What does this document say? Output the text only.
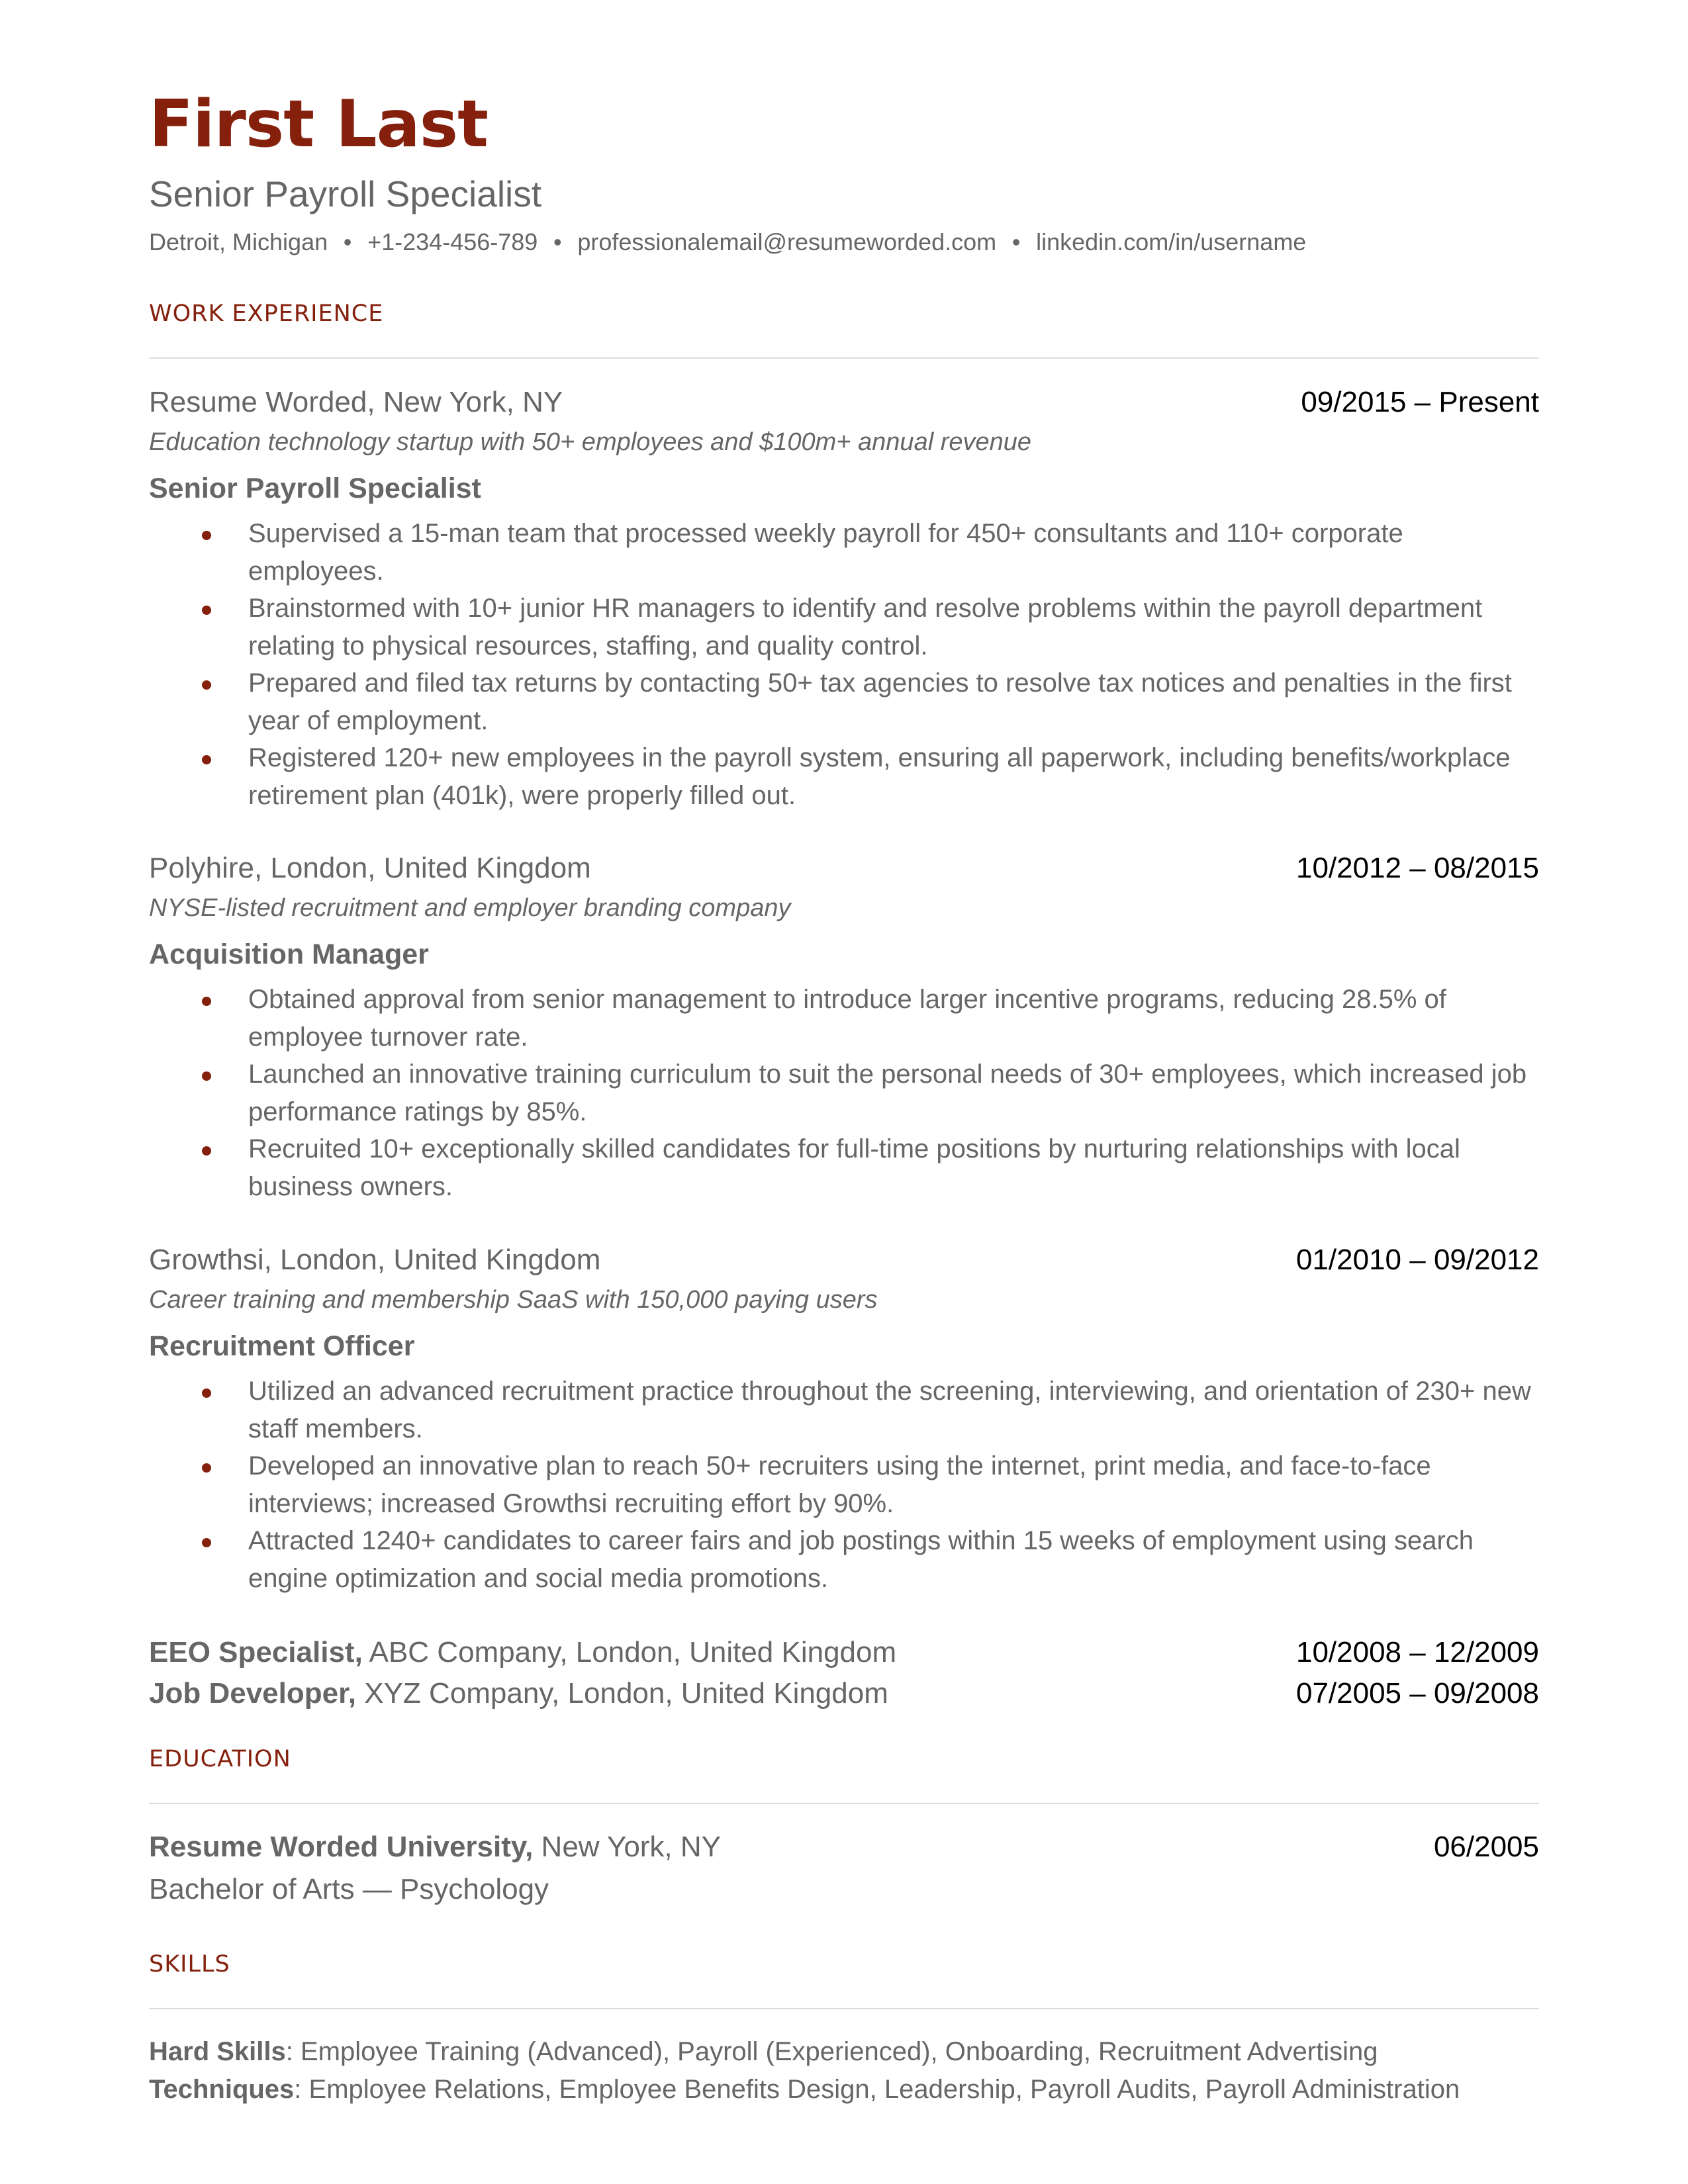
First Last
Senior Payroll Specialist
Detroit, Michigan • +1-234-456-789 • professionalemail@resumeworded.com • linkedin.com/in/username
WORK EXPERIENCE
Resume Worded, New York, NY	09/2015 – Present
Education technology startup with 50+ employees and $100m+ annual revenue
Senior Payroll Specialist
Supervised a 15-man team that processed weekly payroll for 450+ consultants and 110+ corporate employees.
Brainstormed with 10+ junior HR managers to identify and resolve problems within the payroll department relating to physical resources, staffing, and quality control.
Prepared and filed tax returns by contacting 50+ tax agencies to resolve tax notices and penalties in the first year of employment.
Registered 120+ new employees in the payroll system, ensuring all paperwork, including benefits/workplace retirement plan (401k), were properly filled out.
Polyhire, London, United Kingdom	10/2012 – 08/2015
NYSE-listed recruitment and employer branding company
Acquisition Manager
Obtained approval from senior management to introduce larger incentive programs, reducing 28.5% of employee turnover rate.
Launched an innovative training curriculum to suit the personal needs of 30+ employees, which increased job performance ratings by 85%.
Recruited 10+ exceptionally skilled candidates for full-time positions by nurturing relationships with local business owners.
Growthsi, London, United Kingdom	01/2010 – 09/2012
Career training and membership SaaS with 150,000 paying users
Recruitment Officer
Utilized an advanced recruitment practice throughout the screening, interviewing, and orientation of 230+ new staff members.
Developed an innovative plan to reach 50+ recruiters using the internet, print media, and face-to-face interviews; increased Growthsi recruiting effort by 90%.
Attracted 1240+ candidates to career fairs and job postings within 15 weeks of employment using search engine optimization and social media promotions.
EEO Specialist, ABC Company, London, United Kingdom	10/2008 – 12/2009
Job Developer, XYZ Company, London, United Kingdom	07/2005 – 09/2008
EDUCATION
Resume Worded University, New York, NY	06/2005
Bachelor of Arts — Psychology
SKILLS
Hard Skills: Employee Training (Advanced), Payroll (Experienced), Onboarding, Recruitment Advertising
Techniques: Employee Relations, Employee Benefits Design, Leadership, Payroll Audits, Payroll Administration
